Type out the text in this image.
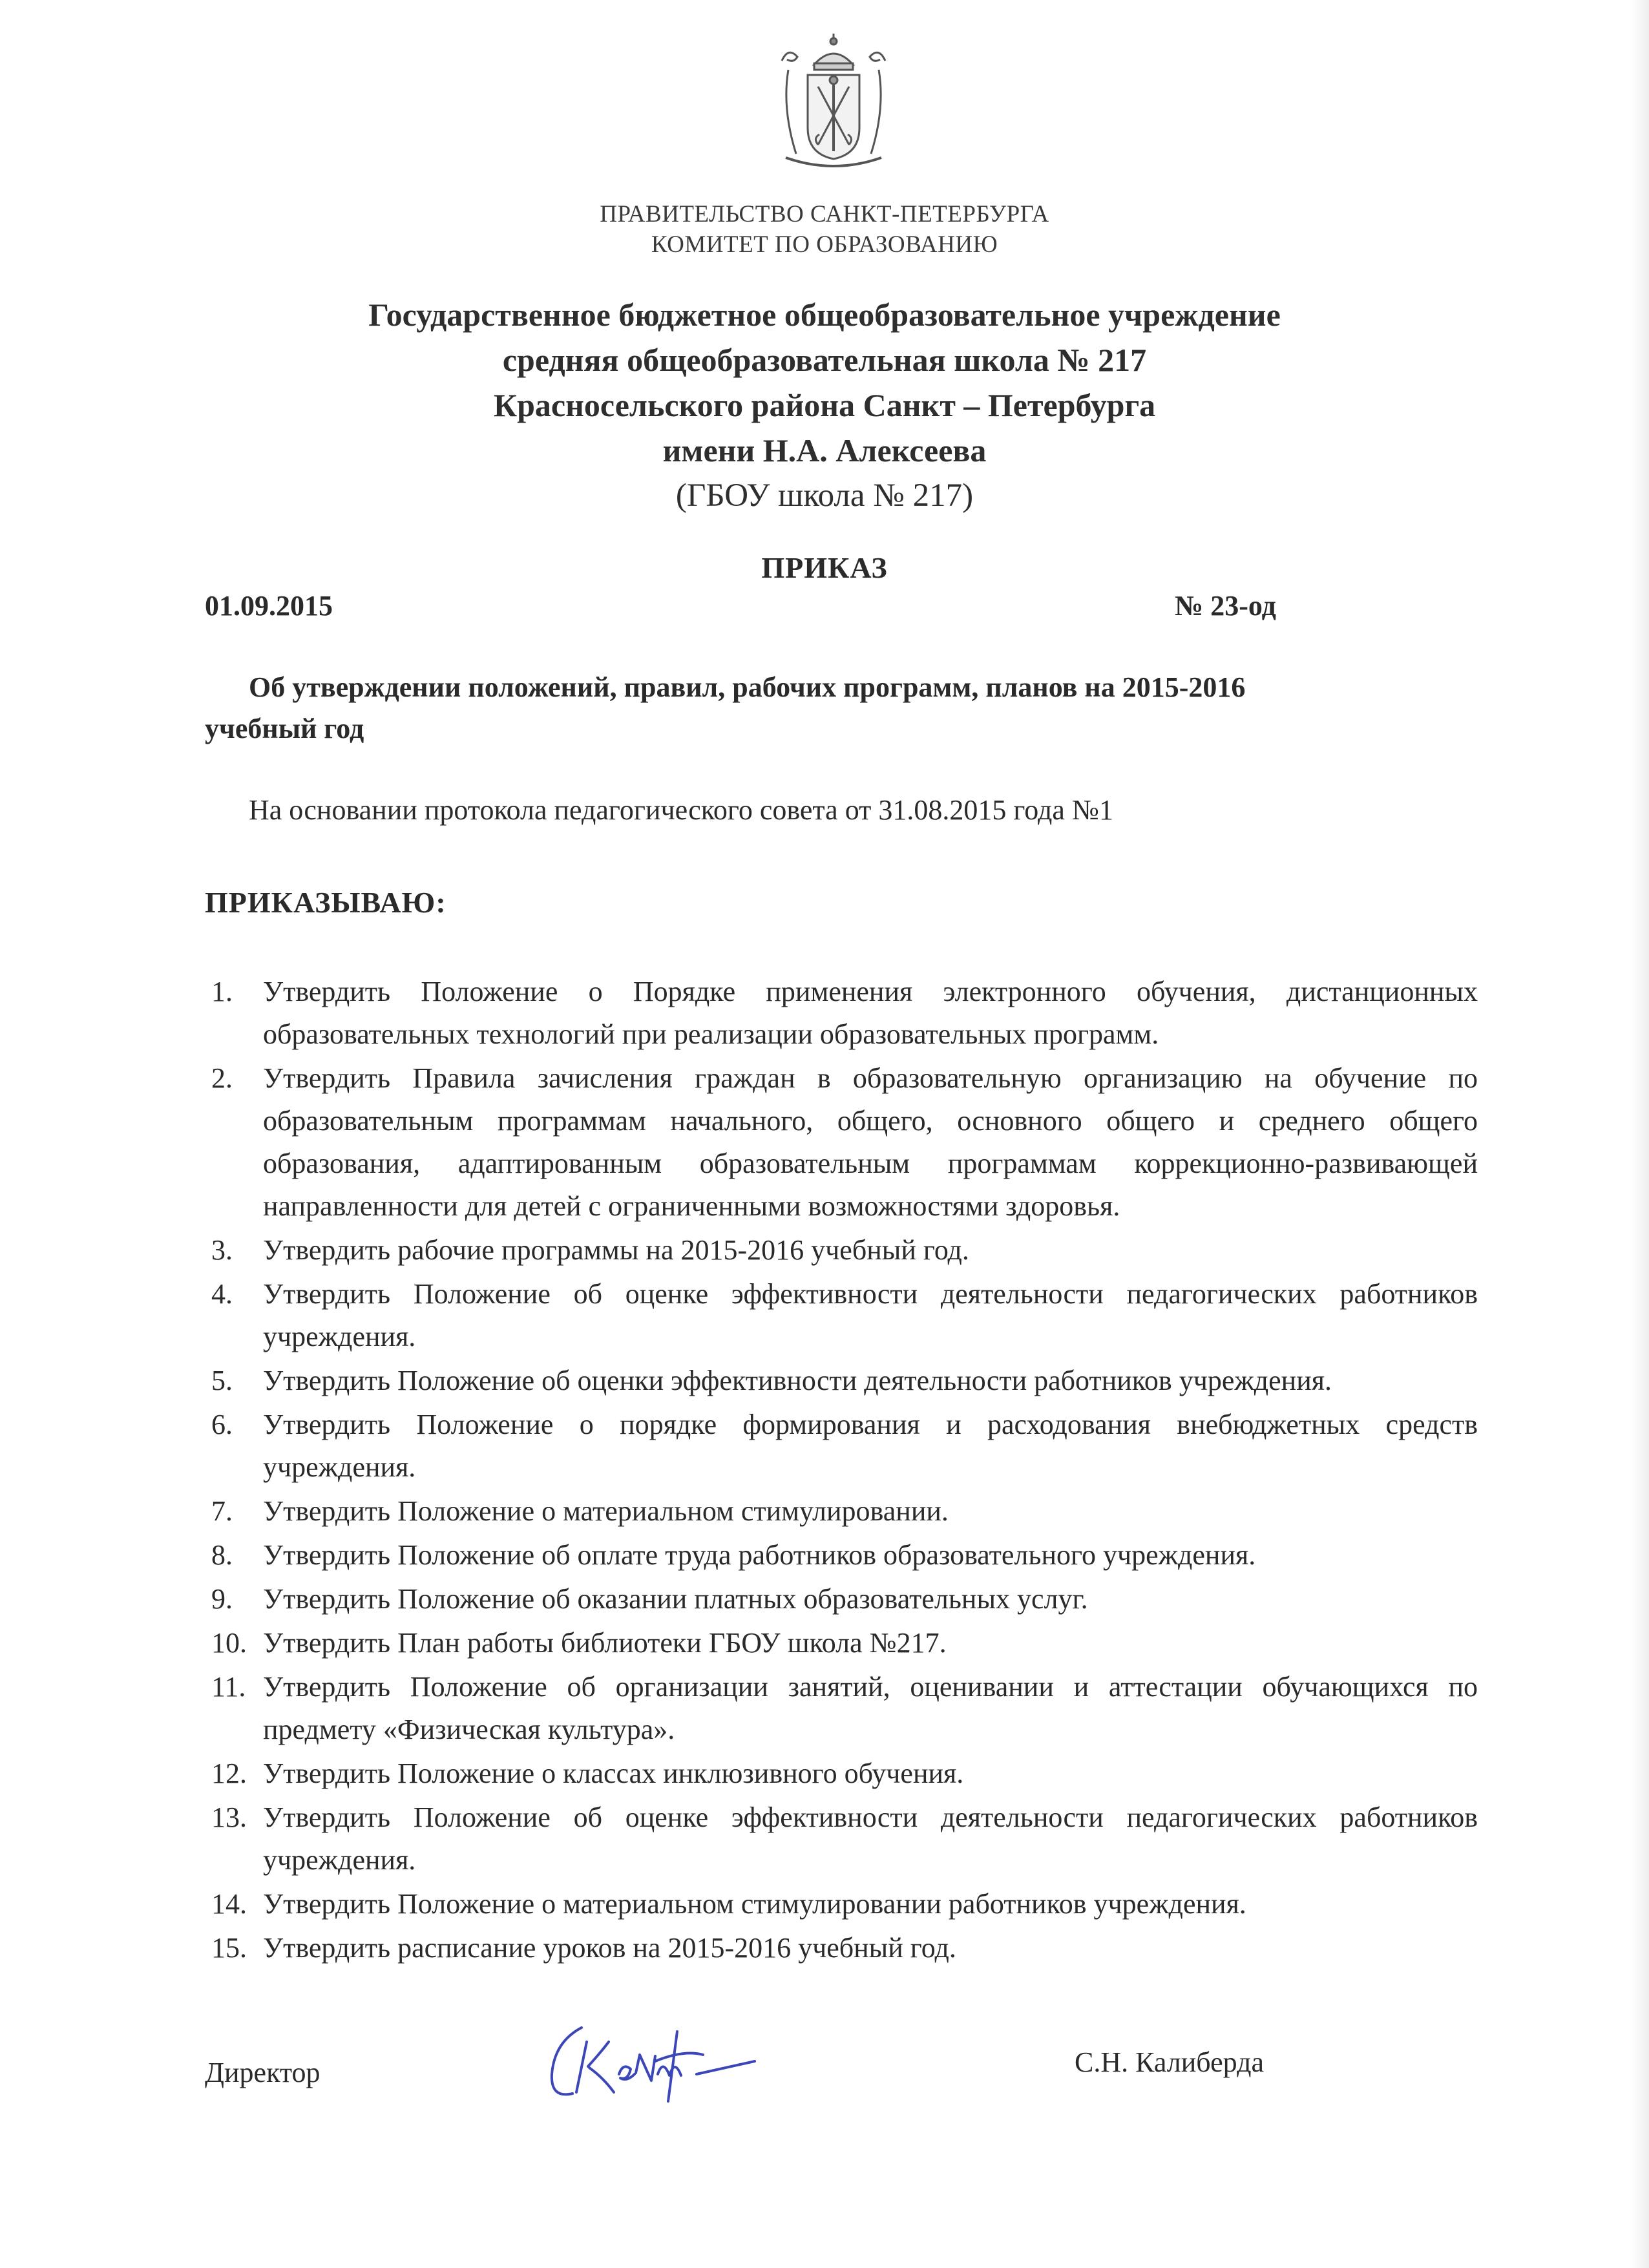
ПРАВИТЕЛЬСТВО САНКТ-ПЕТЕРБУРГА
КОМИТЕТ ПО ОБРАЗОВАНИЮ
Государственное бюджетное общеобразовательное учреждение
средняя общеобразовательная школа № 217
Красносельского района Санкт – Петербурга
имени Н.А. Алексеева
(ГБОУ школа № 217)
ПРИКАЗ
01.09.2015	№ 23-од
Об утверждении положений, правил, рабочих программ, планов на 2015-2016
учебный год
На основании протокола педагогического совета от 31.08.2015 года №1
ПРИКАЗЫВАЮ:
1. Утвердить Положение о Порядке применения электронного обучения, дистанционных образовательных технологий при реализации образовательных программ.
2. Утвердить Правила зачисления граждан в образовательную организацию на обучение по образовательным программам начального, общего, основного общего и среднего общего образования, адаптированным образовательным программам коррекционно-развивающей направленности для детей с ограниченными возможностями здоровья.
3. Утвердить рабочие программы на 2015-2016 учебный год.
4. Утвердить Положение об оценке эффективности деятельности педагогических работников учреждения.
5. Утвердить Положение об оценки эффективности деятельности работников учреждения.
6. Утвердить Положение о порядке формирования и расходования внебюджетных средств учреждения.
7. Утвердить Положение о материальном стимулировании.
8. Утвердить Положение об оплате труда работников образовательного учреждения.
9. Утвердить Положение об оказании платных образовательных услуг.
10. Утвердить План работы библиотеки ГБОУ школа №217.
11. Утвердить Положение об организации занятий, оценивании и аттестации обучающихся по предмету «Физическая культура».
12. Утвердить Положение о классах инклюзивного обучения.
13. Утвердить Положение об оценке эффективности деятельности педагогических работников учреждения.
14. Утвердить Положение о материальном стимулировании работников учреждения.
15. Утвердить расписание уроков на 2015-2016 учебный год.
Директор	С.Н. Калиберда
